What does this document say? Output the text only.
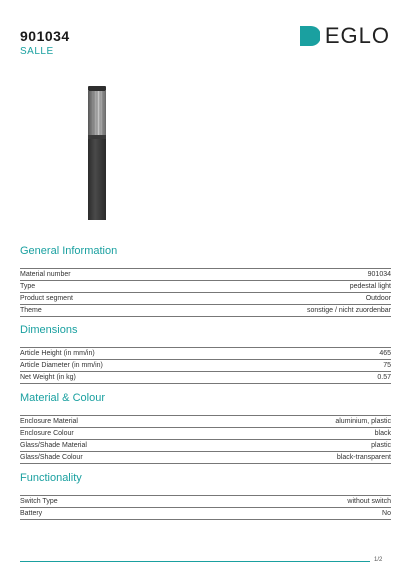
901034
SALLE
EGLO
General Information
Material number	901034
Type	pedestal light
Product segment	Outdoor
Theme	sonstige / nicht zuordenbar
Dimensions
Article Height (in mm/in)	465
Article Diameter (in mm/in)	75
Net Weight (in kg)	0.57
Material & Colour
Enclosure Material	aluminium, plastic
Enclosure Colour	black
Glass/Shade Material	plastic
Glass/Shade Colour	black-transparent
Functionality
Switch Type	without switch
Battery	No
1/2
